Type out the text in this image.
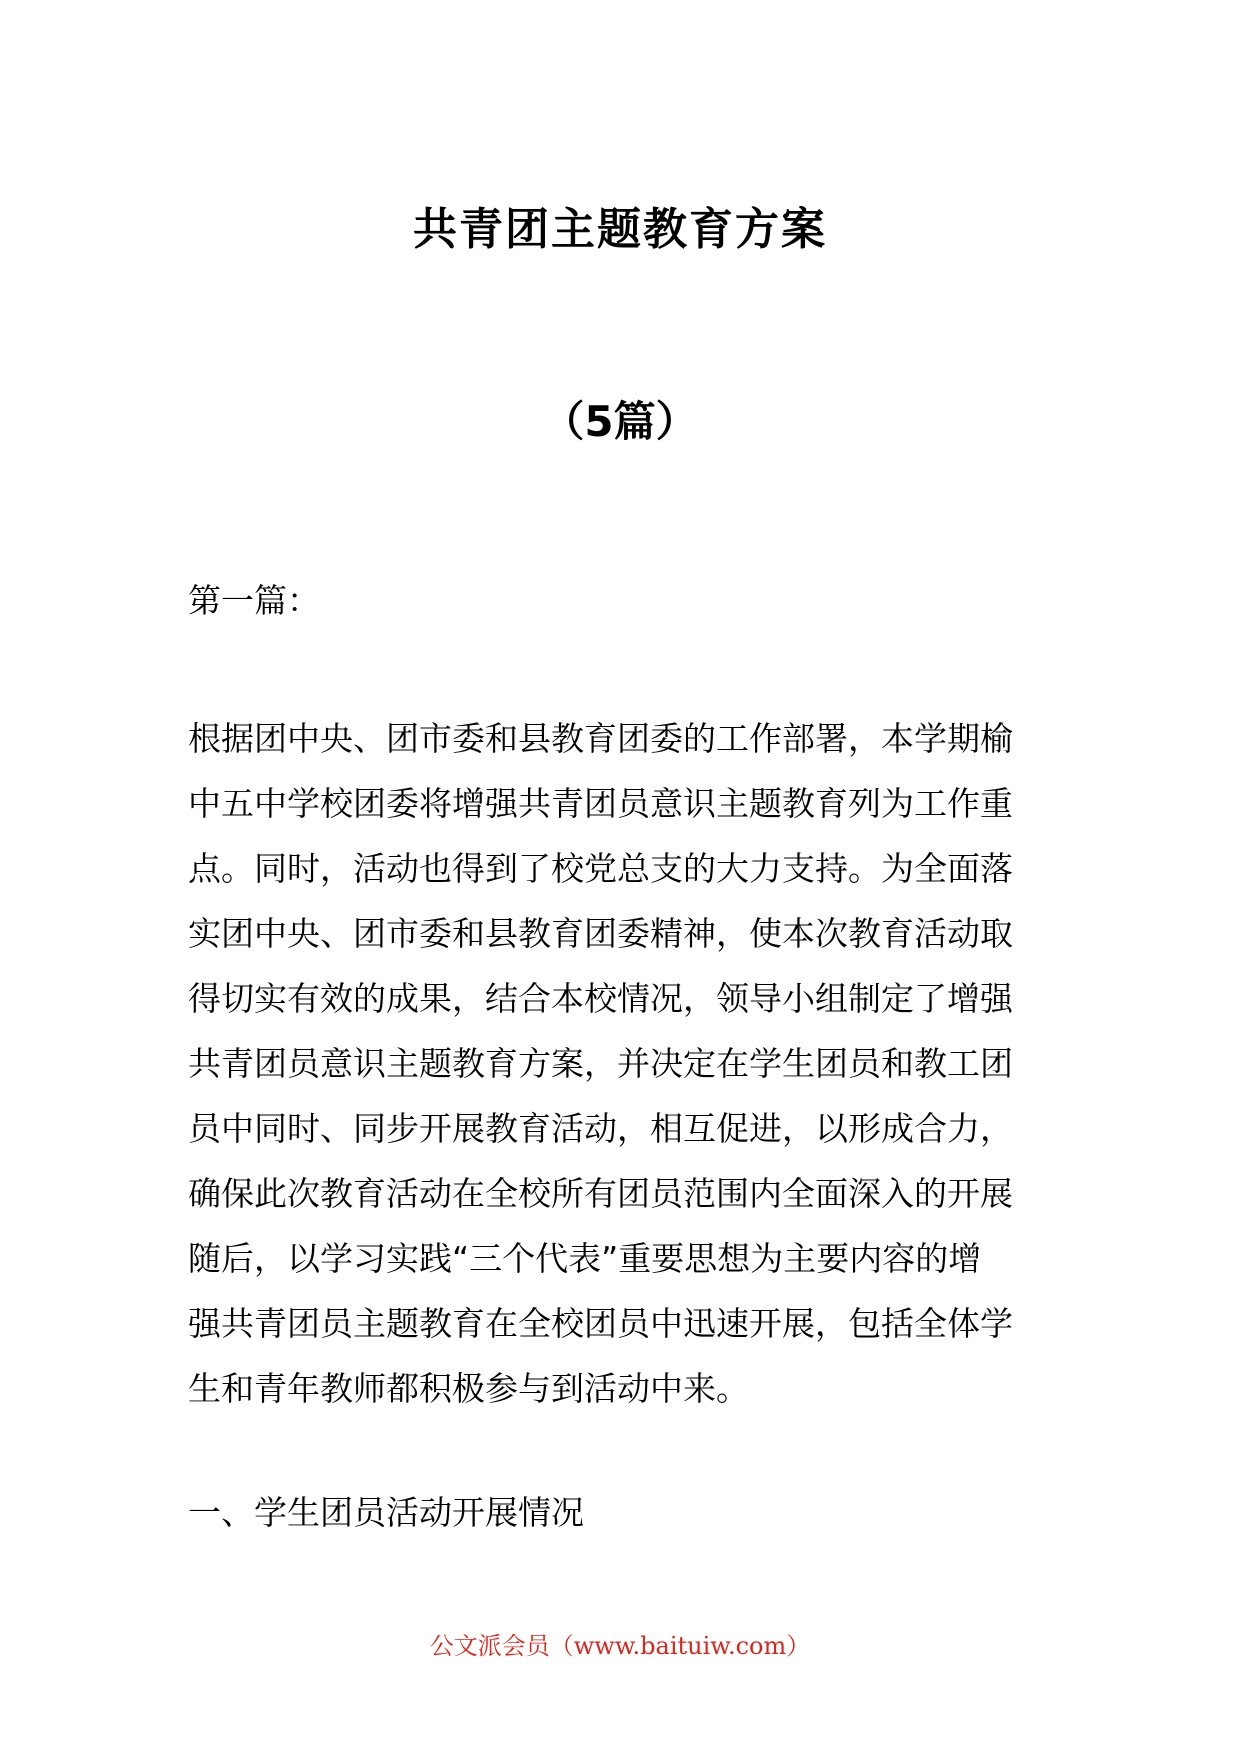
共青团主题教育方案
（5篇）
第一篇：
根据团中央、团市委和县教育团委的工作部署，本学期榆
中五中学校团委将增强共青团员意识主题教育列为工作重
点。同时，活动也得到了校党总支的大力支持。为全面落
实团中央、团市委和县教育团委精神，使本次教育活动取
得切实有效的成果，结合本校情况，领导小组制定了增强
共青团员意识主题教育方案，并决定在学生团员和教工团
员中同时、同步开展教育活动，相互促进，以形成合力，
确保此次教育活动在全校所有团员范围内全面深入的开展
随后，以学习实践“三个代表”重要思想为主要内容的增
强共青团员主题教育在全校团员中迅速开展，包括全体学
生和青年教师都积极参与到活动中来。
一、学生团员活动开展情况
公文派会员（www.baituiw.com）
